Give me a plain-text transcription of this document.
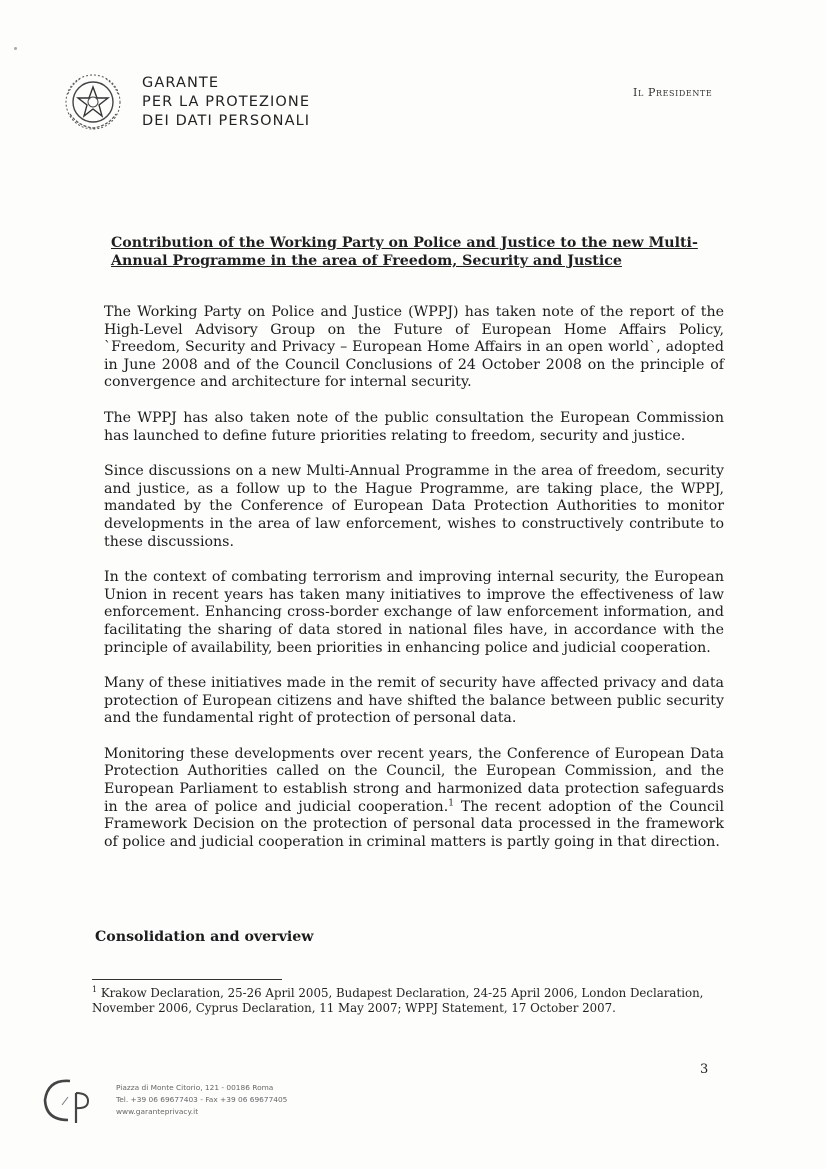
GARANTE
PER LA PROTEZIONE
DEI DATI PERSONALI
Il Presidente
Contribution of the Working Party on Police and Justice to the new Multi-Annual Programme in the area of Freedom, Security and Justice

The Working Party on Police and Justice (WPPJ) has taken note of the report of the High-Level Advisory Group on the Future of European Home Affairs Policy, `Freedom, Security and Privacy – European Home Affairs in an open world`, adopted in June 2008 and of the Council Conclusions of 24 October 2008 on the principle of convergence and architecture for internal security.

The WPPJ has also taken note of the public consultation the European Commission has launched to define future priorities relating to freedom, security and justice.

Since discussions on a new Multi-Annual Programme in the area of freedom, security and justice, as a follow up to the Hague Programme, are taking place, the WPPJ, mandated by the Conference of European Data Protection Authorities to monitor developments in the area of law enforcement, wishes to constructively contribute to these discussions.

In the context of combating terrorism and improving internal security, the European Union in recent years has taken many initiatives to improve the effectiveness of law enforcement. Enhancing cross-border exchange of law enforcement information, and facilitating the sharing of data stored in national files have, in accordance with the principle of availability, been priorities in enhancing police and judicial cooperation.

Many of these initiatives made in the remit of security have affected privacy and data protection of European citizens and have shifted the balance between public security and the fundamental right of protection of personal data.

Monitoring these developments over recent years, the Conference of European Data Protection Authorities called on the Council, the European Commission, and the European Parliament to establish strong and harmonized data protection safeguards in the area of police and judicial cooperation.$^1$ The recent adoption of the Council Framework Decision on the protection of personal data processed in the framework of police and judicial cooperation in criminal matters is partly going in that direction.

Consolidation and overview
$^1$ Krakow Declaration, 25-26 April 2005, Budapest Declaration, 24-25 April 2006, London Declaration, November 2006, Cyprus Declaration, 11 May 2007; WPPJ Statement, 17 October 2007.
3
Piazza di Monte Citorio, 121 - 00186 Roma
Tel. +39 06 69677403 - Fax +39 06 69677405
www.garanteprivacy.it
